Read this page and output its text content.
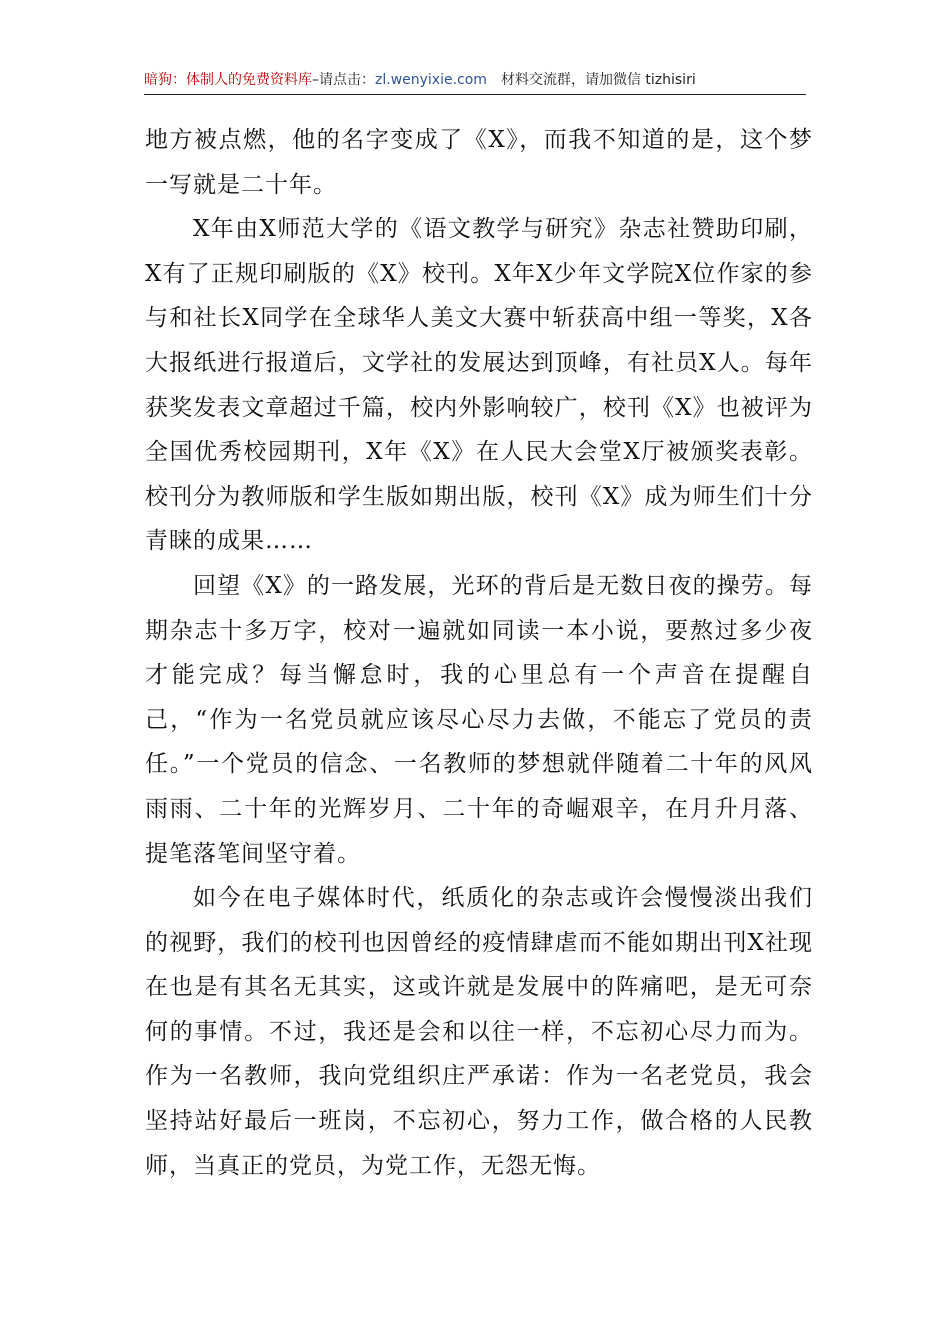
暗狗：体制人的免费资料库–请点击：zl.wenyixie.com 材料交流群，请加微信 tizhisiri

地方被点燃，他的名字变成了《X》，而我不知道的是，这个梦一写就是二十年。

X年由X师范大学的《语文教学与研究》杂志社赞助印刷，X有了正规印刷版的《X》校刊。X年X少年文学院X位作家的参与和社长X同学在全球华人美文大赛中斩获高中组一等奖，X各大报纸进行报道后，文学社的发展达到顶峰，有社员X人。每年获奖发表文章超过千篇，校内外影响较广，校刊《X》也被评为全国优秀校园期刊，X年《X》在人民大会堂X厅被颁奖表彰。校刊分为教师版和学生版如期出版，校刊《X》成为师生们十分青睐的成果……

回望《X》的一路发展，光环的背后是无数日夜的操劳。每期杂志十多万字，校对一遍就如同读一本小说，要熬过多少夜才能完成？每当懈怠时，我的心里总有一个声音在提醒自己，“作为一名党员就应该尽心尽力去做，不能忘了党员的责任。”一个党员的信念、一名教师的梦想就伴随着二十年的风风雨雨、二十年的光辉岁月、二十年的奇崛艰辛，在月升月落、提笔落笔间坚守着。

如今在电子媒体时代，纸质化的杂志或许会慢慢淡出我们的视野，我们的校刊也因曾经的疫情肆虐而不能如期出刊X社现在也是有其名无其实，这或许就是发展中的阵痛吧，是无可奈何的事情。不过，我还是会和以往一样，不忘初心尽力而为。作为一名教师，我向党组织庄严承诺：作为一名老党员，我会坚持站好最后一班岗，不忘初心，努力工作，做合格的人民教师，当真正的党员，为党工作，无怨无悔。
